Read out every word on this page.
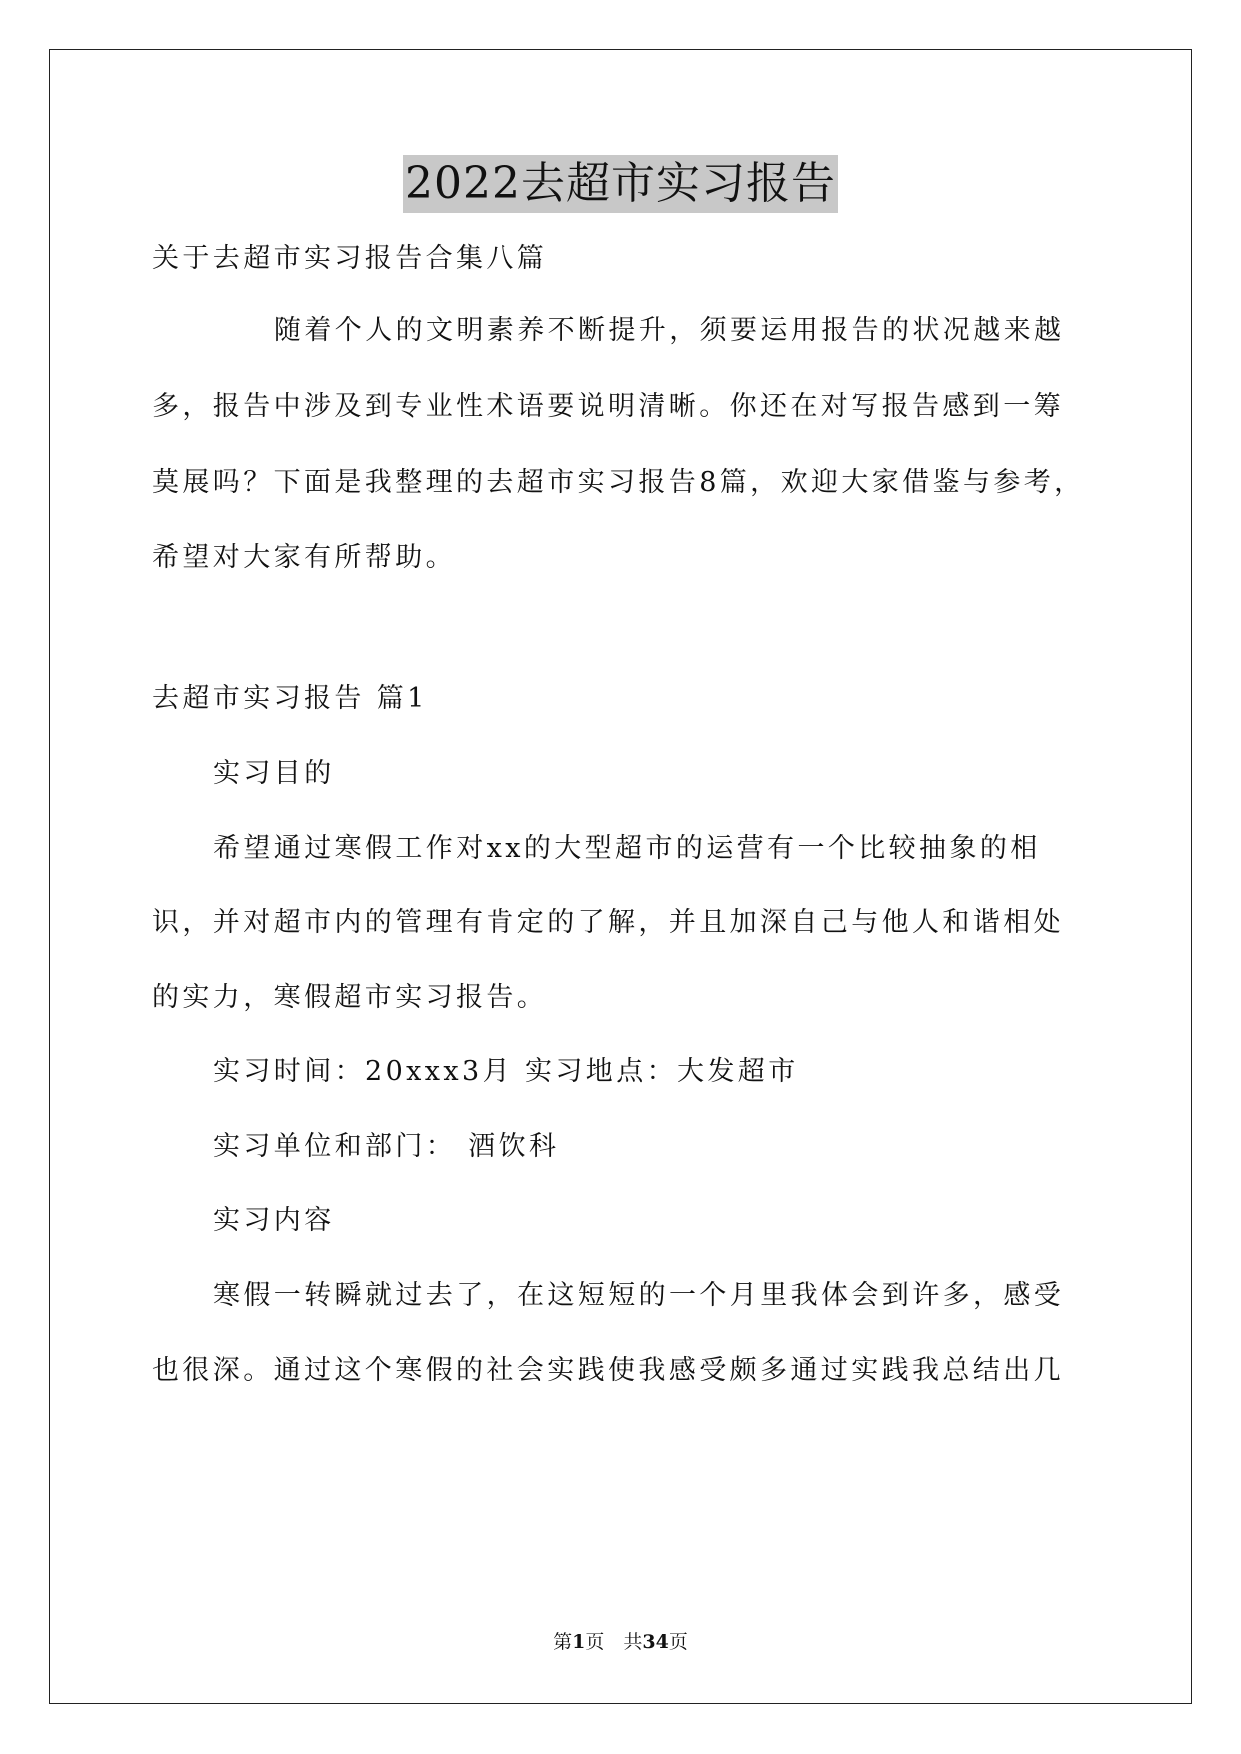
2022去超市实习报告
关于去超市实习报告合集八篇
随着个人的文明素养不断提升，须要运用报告的状况越来越
多，报告中涉及到专业性术语要说明清晰。你还在对写报告感到一筹
莫展吗？下面是我整理的去超市实习报告8篇，欢迎大家借鉴与参考，
希望对大家有所帮助。
去超市实习报告 篇1
实习目的
希望通过寒假工作对xx的大型超市的运营有一个比较抽象的相
识，并对超市内的管理有肯定的了解，并且加深自己与他人和谐相处
的实力，寒假超市实习报告。
实习时间：20xxx3月 实习地点：大发超市
实习单位和部门： 酒饮科
实习内容
寒假一转瞬就过去了，在这短短的一个月里我体会到许多，感受
也很深。通过这个寒假的社会实践使我感受颇多通过实践我总结出几
第1页　共34页
